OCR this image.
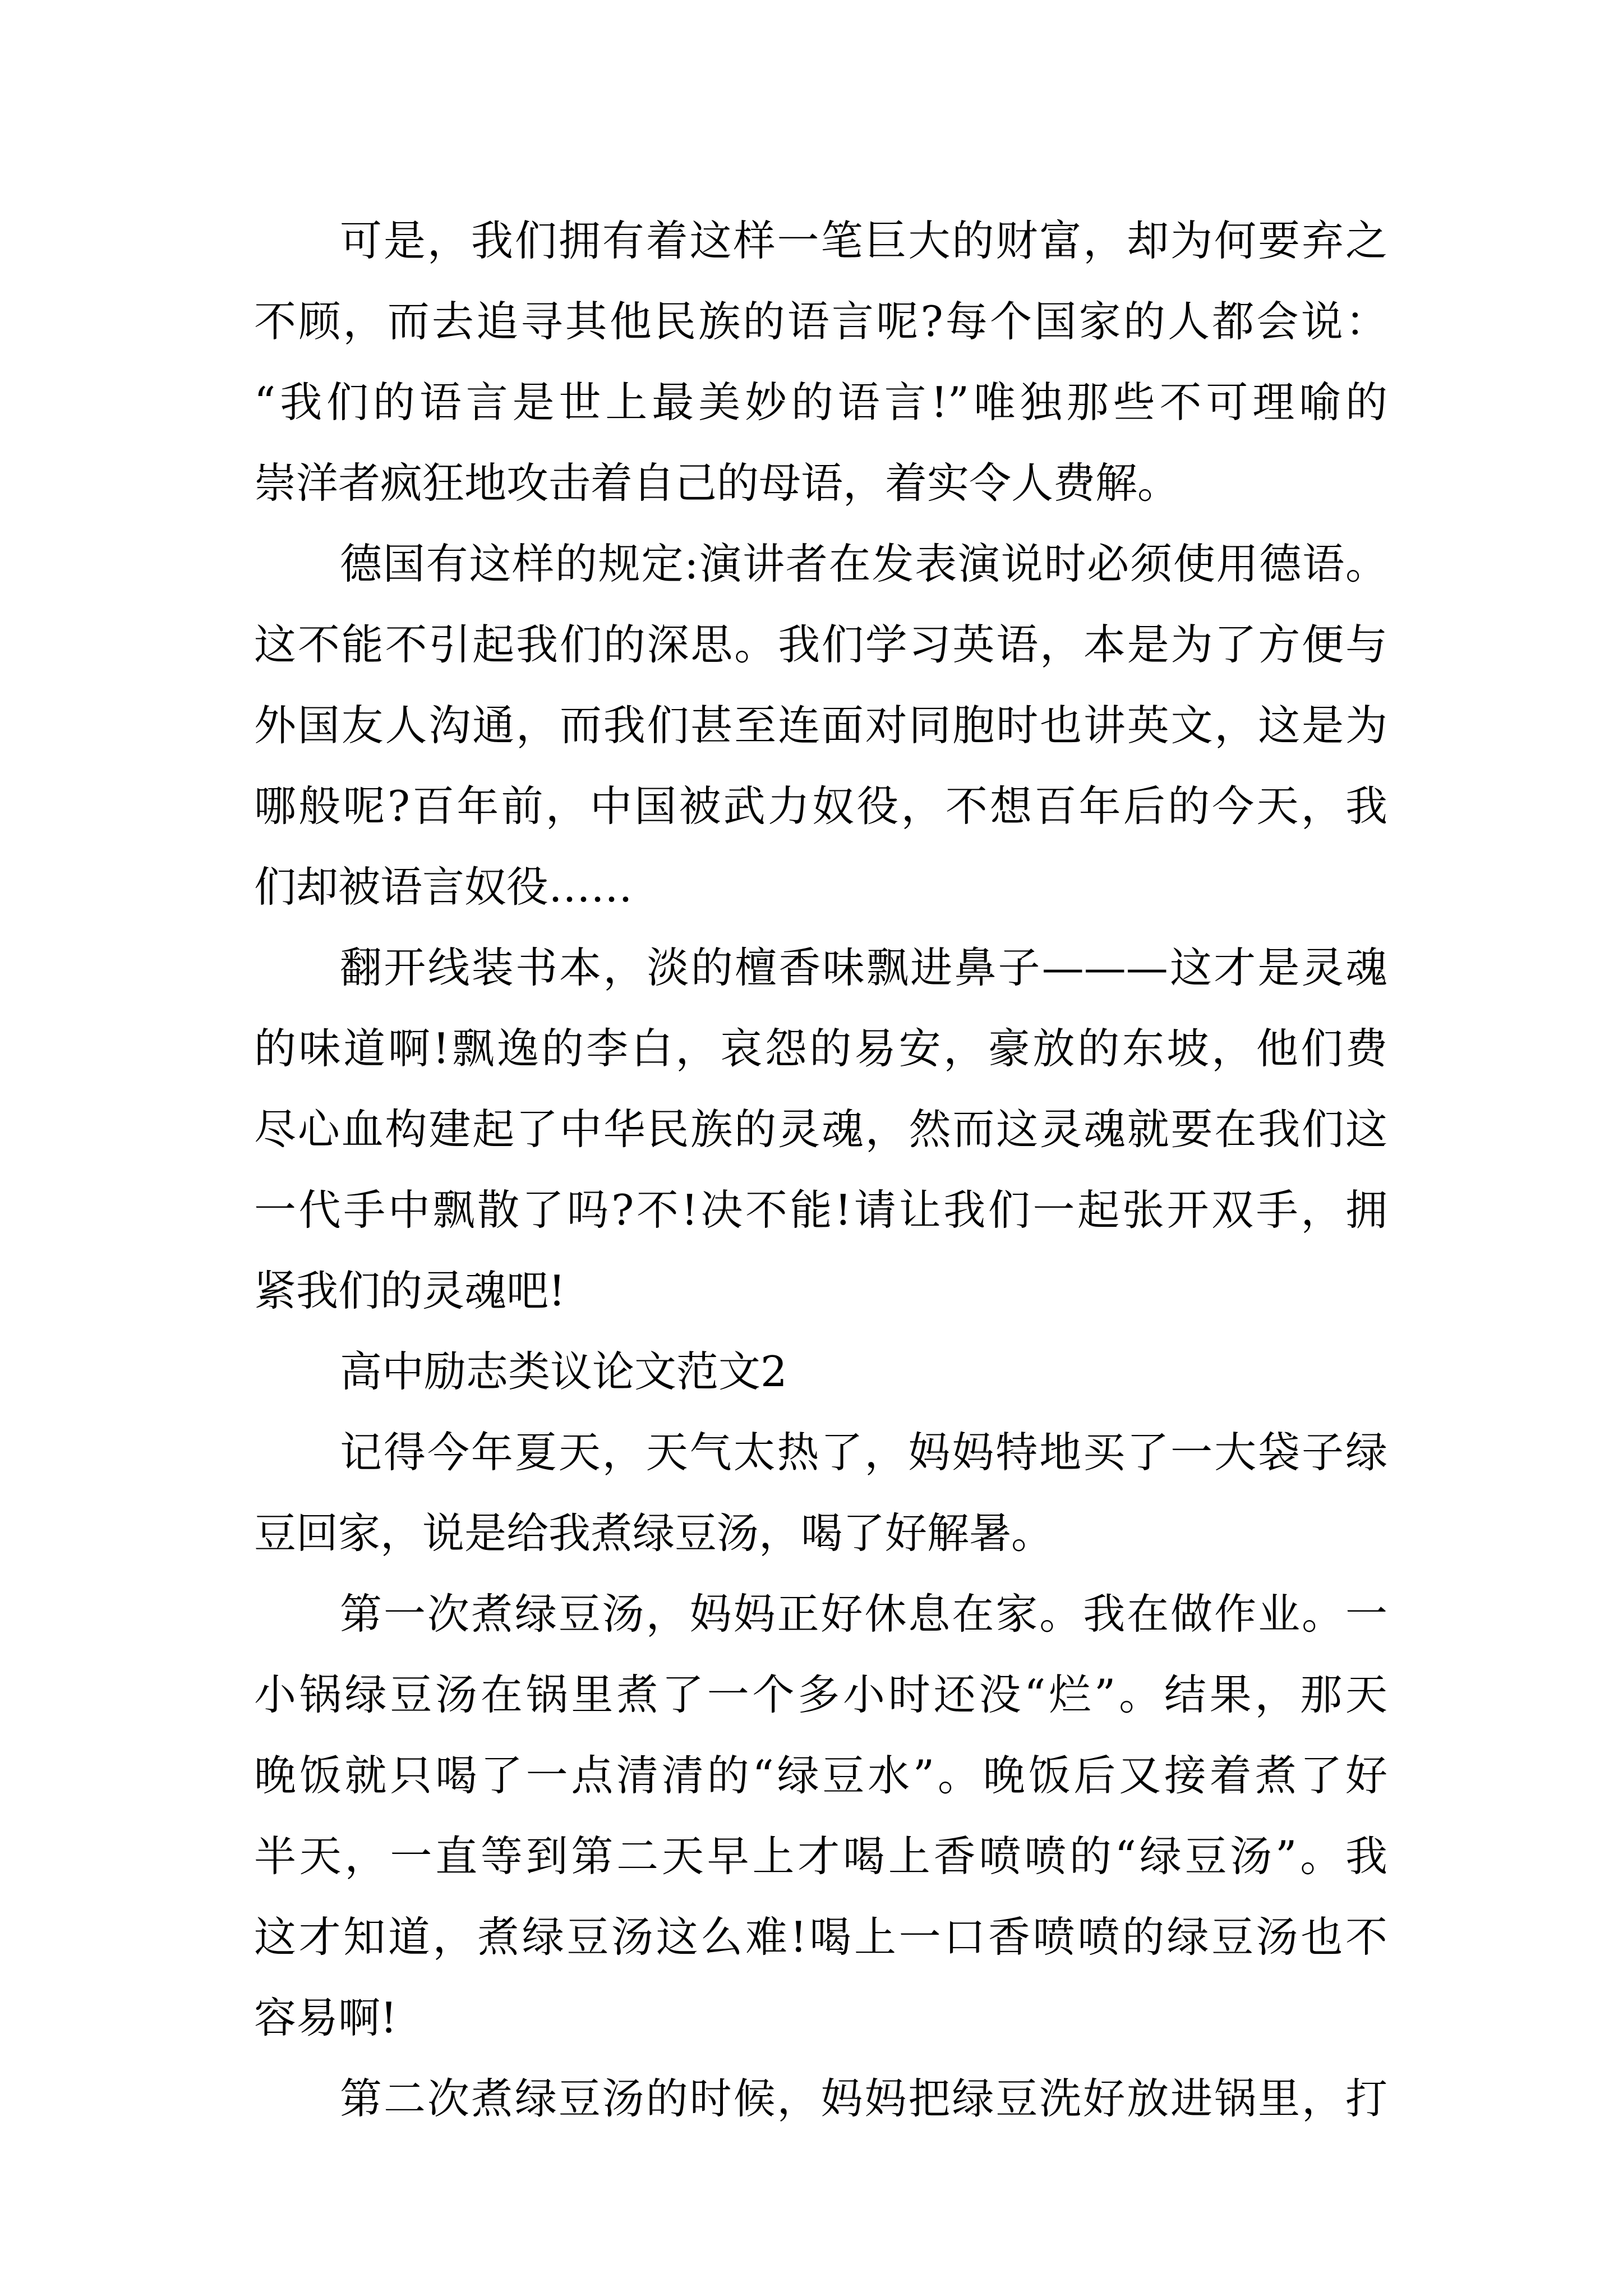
可是，我们拥有着这样一笔巨大的财富，却为何要弃之
不顾，而去追寻其他民族的语言呢?每个国家的人都会说：
“我们的语言是世上最美妙的语言!”唯独那些不可理喻的
崇洋者疯狂地攻击着自己的母语，着实令人费解。
德国有这样的规定:演讲者在发表演说时必须使用德语。
这不能不引起我们的深思。我们学习英语，本是为了方便与
外国友人沟通，而我们甚至连面对同胞时也讲英文，这是为
哪般呢?百年前，中国被武力奴役，不想百年后的今天，我
们却被语言奴役……
翻开线装书本，淡的檀香味飘进鼻子———这才是灵魂
的味道啊!飘逸的李白，哀怨的易安，豪放的东坡，他们费
尽心血构建起了中华民族的灵魂，然而这灵魂就要在我们这
一代手中飘散了吗?不!决不能!请让我们一起张开双手，拥
紧我们的灵魂吧!
高中励志类议论文范文2
记得今年夏天，天气太热了，妈妈特地买了一大袋子绿
豆回家，说是给我煮绿豆汤，喝了好解暑。
第一次煮绿豆汤，妈妈正好休息在家。我在做作业。一
小锅绿豆汤在锅里煮了一个多小时还没“烂”。结果，那天
晚饭就只喝了一点清清的“绿豆水”。晚饭后又接着煮了好
半天，一直等到第二天早上才喝上香喷喷的“绿豆汤”。我
这才知道，煮绿豆汤这么难!喝上一口香喷喷的绿豆汤也不
容易啊!
第二次煮绿豆汤的时候，妈妈把绿豆洗好放进锅里，打
